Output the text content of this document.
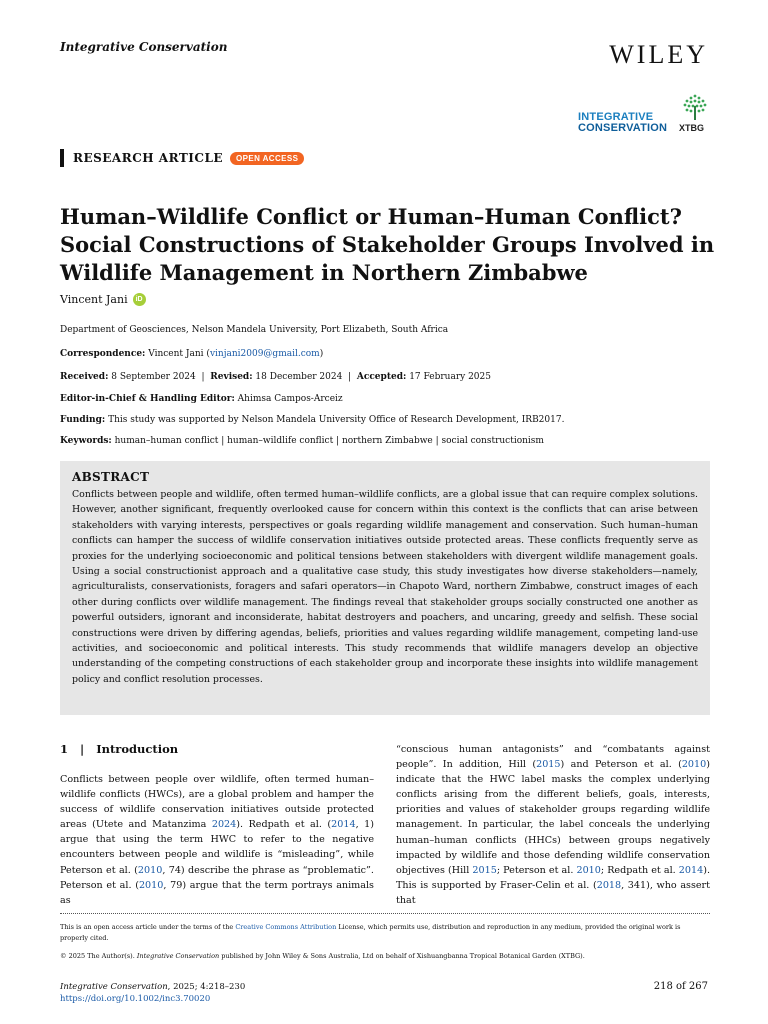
Integrative Conservation	WILEY
INTEGRATIVE
CONSERVATION XTBG
RESEARCH ARTICLE	OPEN ACCESS
Human–Wildlife Conflict or Human–Human Conflict?
Social Constructions of Stakeholder Groups Involved in
Wildlife Management in Northern Zimbabwe
Vincent Jani	iD
Department of Geosciences, Nelson Mandela University, Port Elizabeth, South Africa
Correspondence: Vincent Jani (vinjani2009@gmail.com)
Received: 8 September 2024 | Revised: 18 December 2024 | Accepted: 17 February 2025
Editor-in-Chief & Handling Editor: Ahimsa Campos-Arceiz
Funding: This study was supported by Nelson Mandela University Office of Research Development, IRB2017.
Keywords: human–human conflict | human–wildlife conflict | northern Zimbabwe | social constructionism
ABSTRACT

Conflicts between people and wildlife, often termed human–wildlife conflicts, are a global issue that can require complex solutions. However, another significant, frequently overlooked cause for concern within this context is the conflicts that can arise between stakeholders with varying interests, perspectives or goals regarding wildlife management and conservation. Such human–human conflicts can hamper the success of wildlife conservation initiatives outside protected areas. These conflicts frequently serve as proxies for the underlying socioeconomic and political tensions between stakeholders with divergent wildlife management goals. Using a social constructionist approach and a qualitative case study, this study investigates how diverse stakeholders—namely, agriculturalists, conservationists, foragers and safari operators—in Chapoto Ward, northern Zimbabwe, construct images of each other during conflicts over wildlife management. The findings reveal that stakeholder groups socially constructed one another as powerful outsiders, ignorant and inconsiderate, habitat destroyers and poachers, and uncaring, greedy and selfish. These social constructions were driven by differing agendas, beliefs, priorities and values regarding wildlife management, competing land-use activities, and socioeconomic and political interests. This study recommends that wildlife managers develop an objective understanding of the competing constructions of each stakeholder group and incorporate these insights into wildlife management policy and conflict resolution processes.

1 | Introduction

Conflicts between people over wildlife, often termed human–wildlife conflicts (HWCs), are a global problem and hamper the success of wildlife conservation initiatives outside protected areas (Utete and Matanzima 2024). Redpath et al. (2014, 1) argue that using the term HWC to refer to the negative encounters between people and wildlife is “misleading”, while Peterson et al. (2010, 74) describe the phrase as “problematic”. Peterson et al. (2010, 79) argue that the term portrays animals as

“conscious human antagonists” and “combatants against people”. In addition, Hill (2015) and Peterson et al. (2010) indicate that the HWC label masks the complex underlying conflicts arising from the different beliefs, goals, interests, priorities and values of stakeholder groups regarding wildlife management. In particular, the label conceals the underlying human–human conflicts (HHCs) between groups negatively impacted by wildlife and those defending wildlife conservation objectives (Hill 2015; Peterson et al. 2010; Redpath et al. 2014). This is supported by Fraser-Celin et al. (2018, 341), who assert that

This is an open access article under the terms of the Creative Commons Attribution License, which permits use, distribution and reproduction in any medium, provided the original work is properly cited.
© 2025 The Author(s). Integrative Conservation published by John Wiley & Sons Australia, Ltd on behalf of Xishuangbanna Tropical Botanical Garden (XTBG).
Integrative Conservation, 2025; 4:218–230
https://doi.org/10.1002/inc3.70020
218 of 267
